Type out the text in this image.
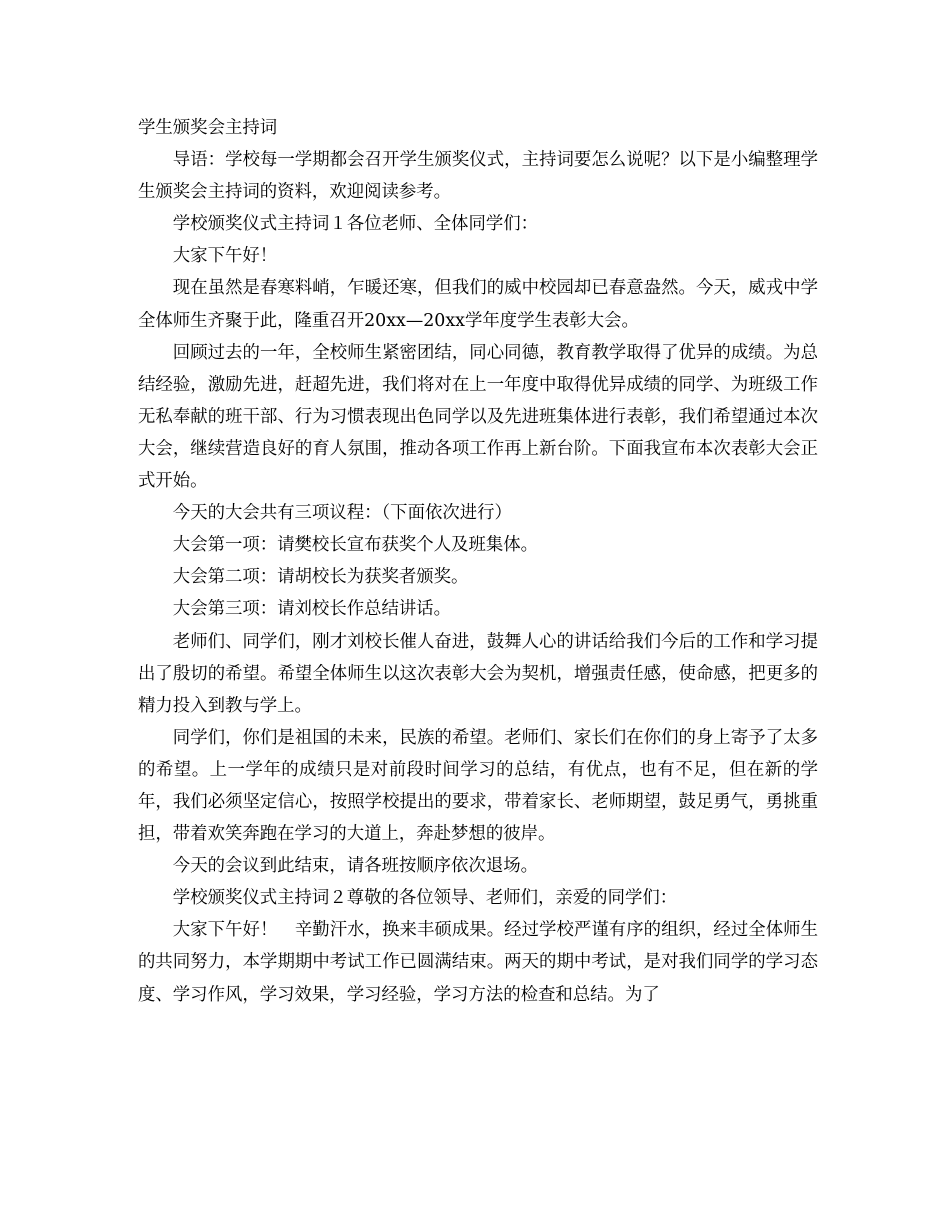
学生颁奖会主持词

导语：学校每一学期都会召开学生颁奖仪式，主持词要怎么说呢？以下是小编整理学生颁奖会主持词的资料，欢迎阅读参考。

学校颁奖仪式主持词１各位老师、全体同学们：

大家下午好！

现在虽然是春寒料峭，乍暖还寒，但我们的威中校园却已春意盎然。今天，威戎中学全体师生齐聚于此，隆重召开20xx—20xx学年度学生表彰大会。

回顾过去的一年，全校师生紧密团结，同心同德，教育教学取得了优异的成绩。为总结经验，激励先进，赶超先进，我们将对在上一年度中取得优异成绩的同学、为班级工作无私奉献的班干部、行为习惯表现出色同学以及先进班集体进行表彰，我们希望通过本次大会，继续营造良好的育人氛围，推动各项工作再上新台阶。下面我宣布本次表彰大会正式开始。

今天的大会共有三项议程：（下面依次进行）

大会第一项：请樊校长宣布获奖个人及班集体。

大会第二项：请胡校长为获奖者颁奖。

大会第三项：请刘校长作总结讲话。

老师们、同学们，刚才刘校长催人奋进，鼓舞人心的讲话给我们今后的工作和学习提出了殷切的希望。希望全体师生以这次表彰大会为契机，增强责任感，使命感，把更多的精力投入到教与学上。

同学们，你们是祖国的未来，民族的希望。老师们、家长们在你们的身上寄予了太多的希望。上一学年的成绩只是对前段时间学习的总结，有优点，也有不足，但在新的学年，我们必须坚定信心，按照学校提出的要求，带着家长、老师期望，鼓足勇气，勇挑重担，带着欢笑奔跑在学习的大道上，奔赴梦想的彼岸。

今天的会议到此结束，请各班按顺序依次退场。

学校颁奖仪式主持词２尊敬的各位领导、老师们，亲爱的同学们：

大家下午好！　辛勤汗水，换来丰硕成果。经过学校严谨有序的组织，经过全体师生的共同努力，本学期期中考试工作已圆满结束。两天的期中考试，是对我们同学的学习态度、学习作风，学习效果，学习经验，学习方法的检查和总结。为了
